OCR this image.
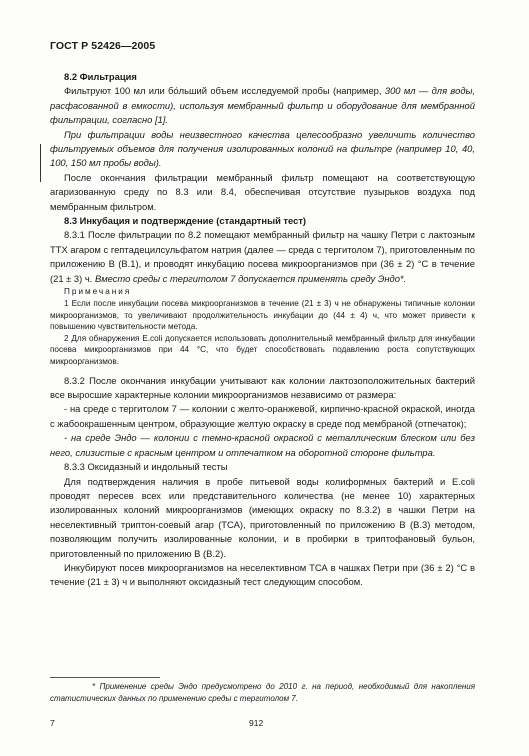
ГОСТ Р 52426—2005

8.2 Фильтрация

Фильтруют 100 мл или бо́льший объем исследуемой пробы (например, 300 мл — для воды, расфасованной в емкости), используя мембранный фильтр и оборудование для мембранной фильтрации, согласно [1].

При фильтрации воды неизвестного качества целесообразно увеличить количество фильтруемых объемов для получения изолированных колоний на фильтре (например 10, 40, 100, 150 мл пробы воды).

После окончания фильтрации мембранный фильтр помещают на соответствующую агаризованную среду по 8.3 или 8.4, обеспечивая отсутствие пузырьков воздуха под мембранным фильтром.

8.3 Инкубация и подтверждение (стандартный тест)

8.3.1 После фильтрации по 8.2 помещают мембранный фильтр на чашку Петри с лактозным ТТХ агаром с гептадецилсульфатом натрия (далее — среда с тергитолом 7), приготовленным по приложению В (В.1), и проводят инкубацию посева микроорганизмов при (36 ± 2) °С в течение (21 ± 3) ч. Вместо среды с тергитолом 7 допускается применять среду Эндо*.

Примечания

1 Если после инкубации посева микроорганизмов в течение (21 ± 3) ч не обнаружены типичные колонии микроорганизмов, то увеличивают продолжительность инкубации до (44 ± 4) ч, что может привести к повышению чувствительности метода.

2 Для обнаружения E.coli допускается использовать дополнительный мембранный фильтр для инкубации посева микроорганизмов при 44 °С, что будет способствовать подавлению роста сопутствующих микроорганизмов.

8.3.2 После окончания инкубации учитывают как колонии лактозоположительных бактерий все выросшие характерные колонии микроорганизмов независимо от размера:

- на среде с тергитолом 7 — колонии с желто-оранжевой, кирпично-красной окраской, иногда с жабоокрашенным центром, образующие желтую окраску в среде под мембраной (отпечаток);

- на среде Эндо — колонии с темно-красной окраской с металлическим блеском или без него, слизистые с красным центром и отпечатком на оборотной стороне фильтра.

8.3.3 Оксидазный и индольный тесты

Для подтверждения наличия в пробе питьевой воды колиформных бактерий и E.coli проводят пересев всех или представительного количества (не менее 10) характерных изолированных колоний микроорганизмов (имеющих окраску по 8.3.2) в чашки Петри на неселективный триптон-соевый агар (ТСА), приготовленный по приложению В (В.3) методом, позволяющим получить изолированные колонии, и в пробирки в триптофановый бульон, приготовленный по приложению В (В.2).

Инкубируют посев микроорганизмов на неселективном ТСА в чашках Петри при (36 ± 2) °С в течение (21 ± 3) ч и выполняют оксидазный тест следующим способом.

* Применение среды Эндо предусмотрено до 2010 г. на период, необходимый для накопления статистических данных по применению среды с тергитолом 7.

7	912
